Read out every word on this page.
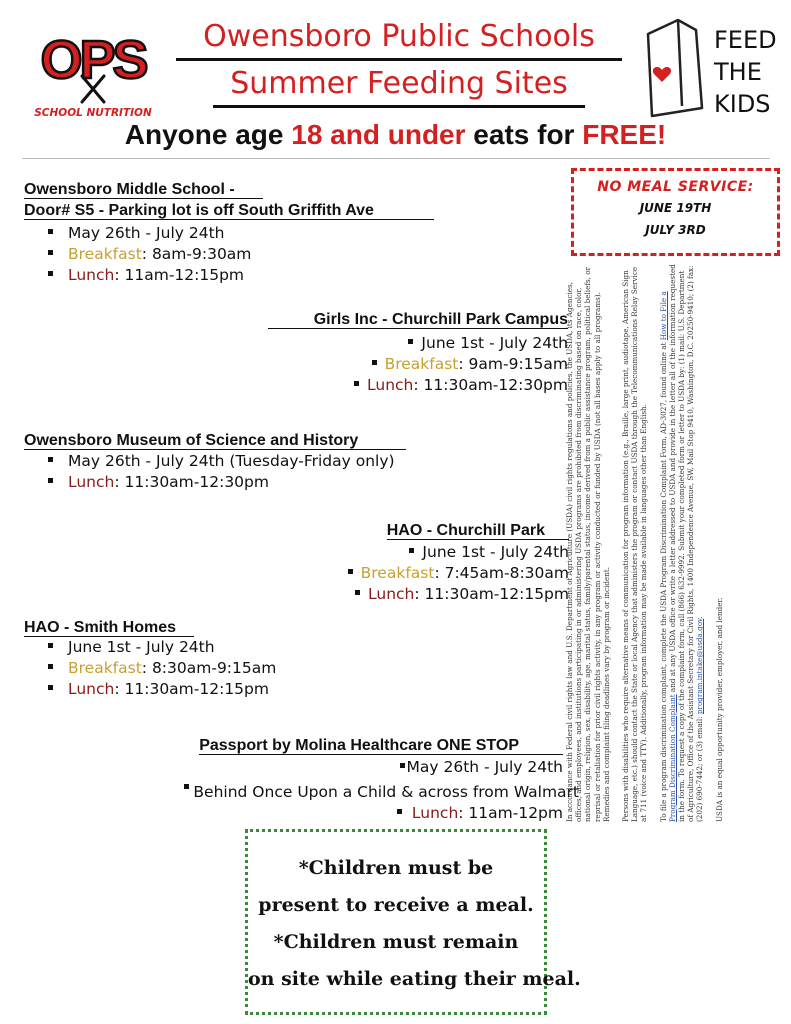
OPS
SCHOOL NUTRITION
Owensboro Public Schools
Summer Feeding Sites
FEED
THE
KIDS
Anyone age 18 and under eats for FREE!
NO MEAL SERVICE:
JUNE 19TH
JULY 3RD
Owensboro Middle School -
Door# S5 - Parking lot is off South Griffith Ave
May 26th - July 24th
Breakfast: 8am-9:30am
Lunch: 11am-12:15pm
Girls Inc - Churchill Park Campus
June 1st - July 24th
Breakfast: 9am-9:15am
Lunch: 11:30am-12:30pm
Owensboro Museum of Science and History
May 26th - July 24th (Tuesday-Friday only)
Lunch: 11:30am-12:30pm
HAO - Churchill Park
June 1st - July 24th
Breakfast: 7:45am-8:30am
Lunch: 11:30am-12:15pm
HAO - Smith Homes
June 1st - July 24th
Breakfast: 8:30am-9:15am
Lunch: 11:30am-12:15pm
Passport by Molina Healthcare ONE STOP
May 26th - July 24th
Behind Once Upon a Child & across from Walmart
Lunch: 11am-12pm In accordance with Federal civil rights law and U.S. Department of Agriculture (USDA) civil rights regulations and policies, the USDA, its Agencies, offices, and employees, and institutions participating in or administering USDA programs are prohibited from discriminating based on race, color, national origin, religion, sex, disability, age, marital status, family/parental status, income derived from a public assistance program, political beliefs, or reprisal or retaliation for prior civil rights activity, in any program or activity conducted or funded by USDA (not all bases apply to all programs). Remedies and complaint filing deadlines vary by program or incident. Persons with disabilities who require alternative means of communication for program information (e.g., Braille, large print, audiotape, American Sign Language, etc.) should contact the State or local Agency that administers the program or contact USDA through the Telecommunications Relay Service at 711 (voice and TTY). Additionally, program information may be made available in languages other than English. To file a program discrimination complaint, complete the USDA Program Discrimination Complaint Form, AD-3027, found online at How to File a Program Discrimination Complaint and at any USDA office or write a letter addressed to USDA and provide in the letter all of the information requested in the form. To request a copy of the complaint form, call (866) 632-9992. Submit your completed form or letter to USDA by: (1) mail: U.S. Department of Agriculture, Office of the Assistant Secretary for Civil Rights, 1400 Independence Avenue, SW, Mail Stop 9410, Washington, D.C. 20250-9410; (2) fax: (202) 690-7442; or (3) email: program.intake@usda.gov. USDA is an equal opportunity provider, employer, and lender.

*Children must be
present to receive a meal.
*Children must remain
on site while eating their meal.
